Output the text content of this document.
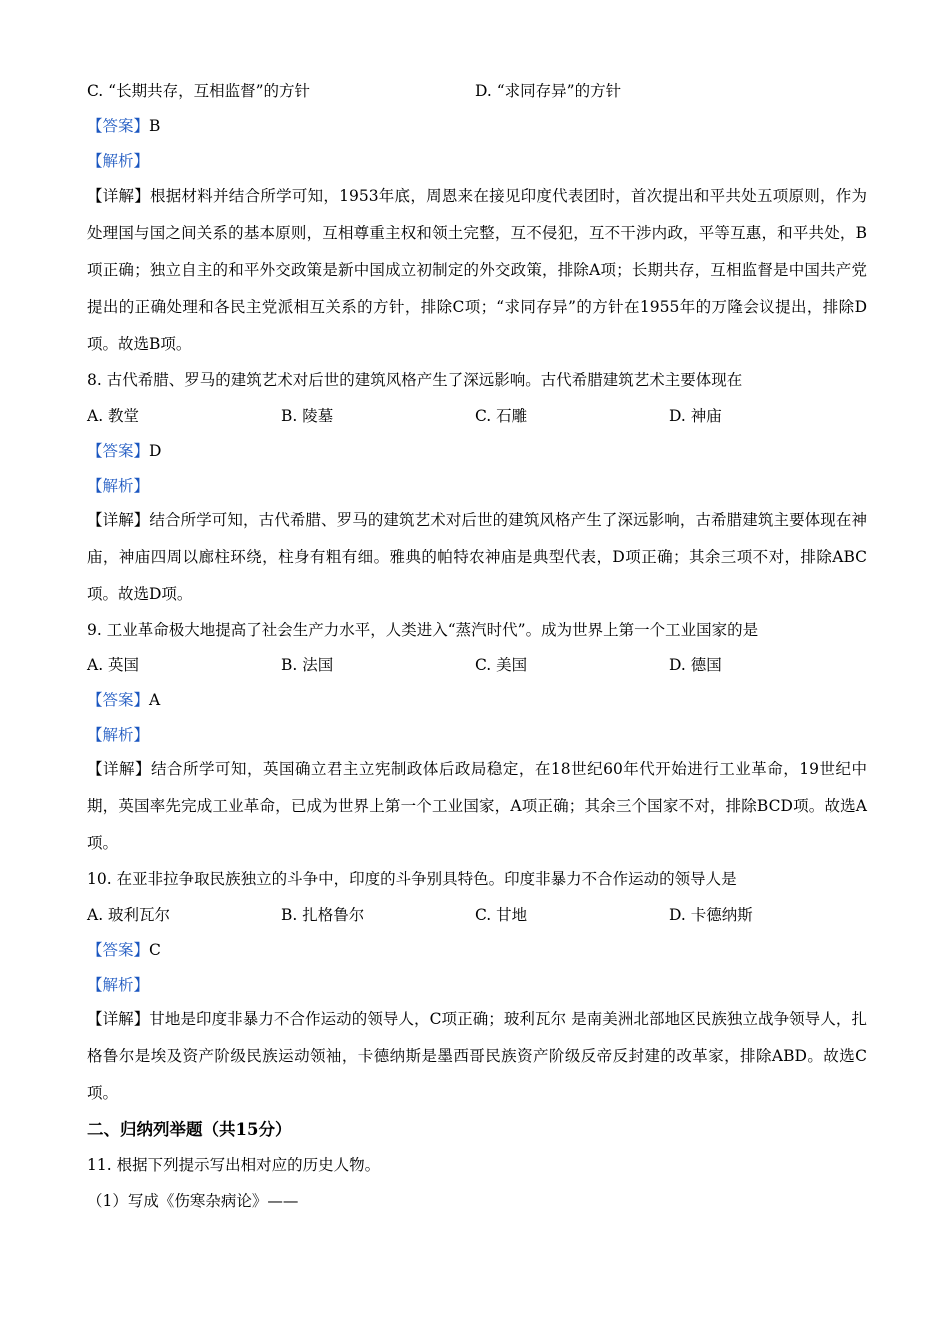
C. “长期共存，互相监督”的方针	D. “求同存异”的方针
【答案】B
【解析】
【详解】根据材料并结合所学可知，1953年底，周恩来在接见印度代表团时，首次提出和平共处五项原则，作为处理国与国之间关系的基本原则，互相尊重主权和领土完整，互不侵犯，互不干涉内政，平等互惠，和平共处，B项正确；独立自主的和平外交政策是新中国成立初制定的外交政策，排除A项；长期共存，互相监督是中国共产党提出的正确处理和各民主党派相互关系的方针，排除C项；“求同存异”的方针在1955年的万隆会议提出，排除D项。故选B项。
8. 古代希腊、罗马的建筑艺术对后世的建筑风格产生了深远影响。古代希腊建筑艺术主要体现在
A. 教堂	B. 陵墓	C. 石雕	D. 神庙
【答案】D
【解析】
【详解】结合所学可知，古代希腊、罗马的建筑艺术对后世的建筑风格产生了深远影响，古希腊建筑主要体现在神庙，神庙四周以廊柱环绕，柱身有粗有细。雅典的帕特农神庙是典型代表，D项正确；其余三项不对，排除ABC项。故选D项。
9. 工业革命极大地提高了社会生产力水平，人类进入“蒸汽时代”。成为世界上第一个工业国家的是
A. 英国	B. 法国	C. 美国	D. 德国
【答案】A
【解析】
【详解】结合所学可知，英国确立君主立宪制政体后政局稳定，在18世纪60年代开始进行工业革命，19世纪中期，英国率先完成工业革命，已成为世界上第一个工业国家，A项正确；其余三个国家不对，排除BCD项。故选A项。
10. 在亚非拉争取民族独立的斗争中，印度的斗争别具特色。印度非暴力不合作运动的领导人是
A. 玻利瓦尔	B. 扎格鲁尔	C. 甘地	D. 卡德纳斯
【答案】C
【解析】
【详解】甘地是印度非暴力不合作运动的领导人，C项正确；玻利瓦尔 是南美洲北部地区民族独立战争领导人，扎格鲁尔是埃及资产阶级民族运动领袖，卡德纳斯是墨西哥民族资产阶级反帝反封建的改革家，排除ABD。故选C项。
二、归纳列举题（共15分）
11. 根据下列提示写出相对应的历史人物。
（1）写成《伤寒杂病论》——
